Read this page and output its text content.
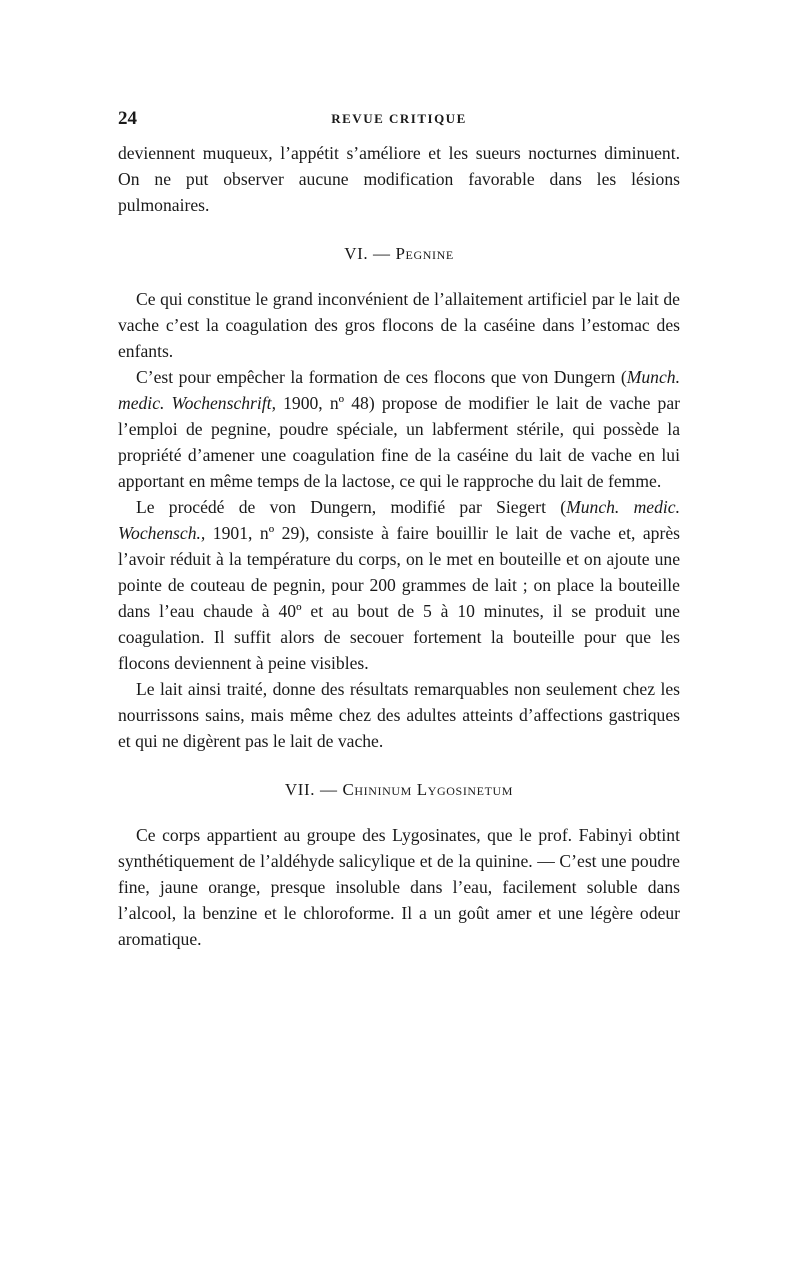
24	REVUE CRITIQUE

deviennent muqueux, l’appétit s’améliore et les sueurs nocturnes diminuent. On ne put observer aucune modification favorable dans les lésions pulmonaires.

VI. — Pegnine

Ce qui constitue le grand inconvénient de l’allaitement artificiel par le lait de vache c’est la coagulation des gros flocons de la caséine dans l’estomac des enfants.

C’est pour empêcher la formation de ces flocons que von Dungern (Munch. medic. Wochenschrift, 1900, nº 48) propose de modifier le lait de vache par l’emploi de pegnine, poudre spéciale, un labferment stérile, qui possède la propriété d’amener une coagulation fine de la caséine du lait de vache en lui apportant en même temps de la lactose, ce qui le rapproche du lait de femme.

Le procédé de von Dungern, modifié par Siegert (Munch. medic. Wochensch., 1901, nº 29), consiste à faire bouillir le lait de vache et, après l’avoir réduit à la température du corps, on le met en bouteille et on ajoute une pointe de couteau de pegnin, pour 200 grammes de lait ; on place la bouteille dans l’eau chaude à 40º et au bout de 5 à 10 minutes, il se produit une coagulation. Il suffit alors de secouer fortement la bouteille pour que les flocons deviennent à peine visibles.

Le lait ainsi traité, donne des résultats remarquables non seulement chez les nourrissons sains, mais même chez des adultes atteints d’affections gastriques et qui ne digèrent pas le lait de vache.

VII. — Chininum Lygosinetum

Ce corps appartient au groupe des Lygosinates, que le prof. Fabinyi obtint synthétiquement de l’aldéhyde salicylique et de la quinine. — C’est une poudre fine, jaune orange, presque insoluble dans l’eau, facilement soluble dans l’alcool, la benzine et le chloroforme. Il a un goût amer et une légère odeur aromatique.
